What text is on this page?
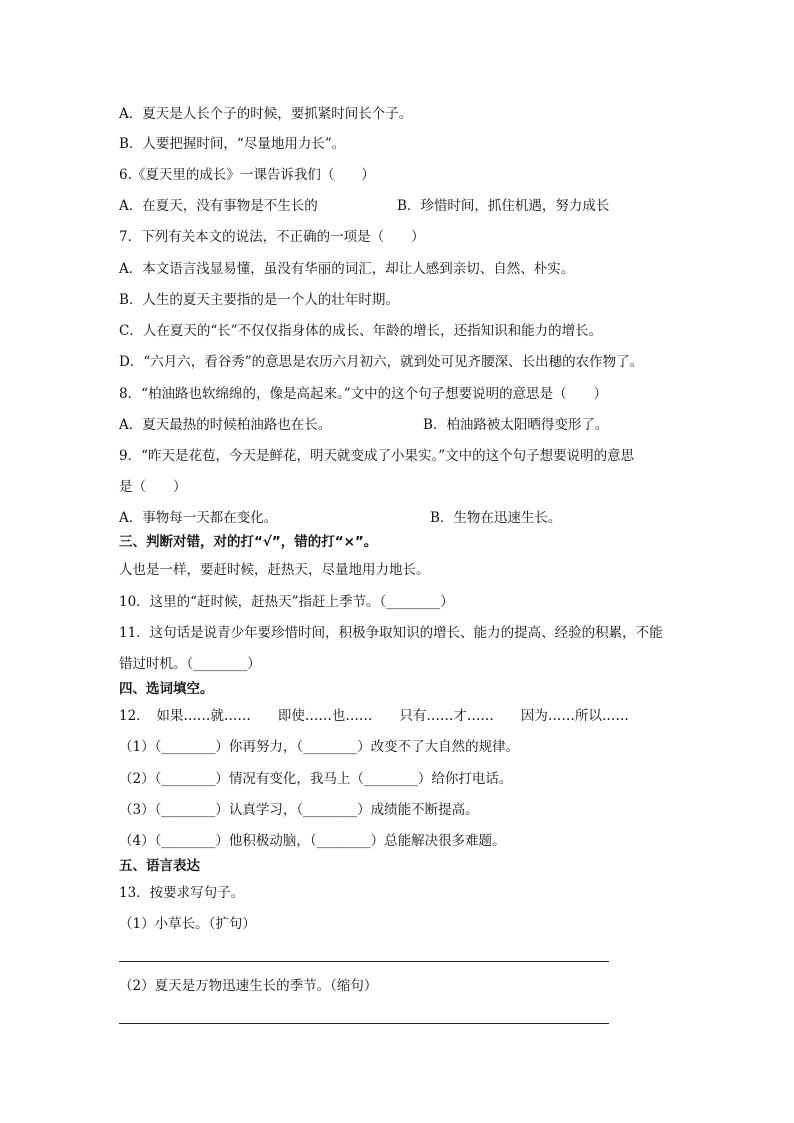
A．夏天是人长个子的时候，要抓紧时间长个子。
B．人要把握时间，“尽量地用力长”。
6.《夏天里的成长》一课告诉我们（　　）
A．在夏天，没有事物是不生长的	B．珍惜时间，抓住机遇，努力成长
7．下列有关本文的说法，不正确的一项是（　　）
A．本文语言浅显易懂，虽没有华丽的词汇，却让人感到亲切、自然、朴实。
B．人生的夏天主要指的是一个人的壮年时期。
C．人在夏天的“长”不仅仅指身体的成长、年龄的增长，还指知识和能力的增长。
D．“六月六，看谷秀”的意思是农历六月初六，就到处可见齐腰深、长出穗的农作物了。
8．“柏油路也软绵绵的，像是高起来。”文中的这个句子想要说明的意思是（　　）
A．夏天最热的时候柏油路也在长。	B．柏油路被太阳晒得变形了。
9．“昨天是花苞，今天是鲜花，明天就变成了小果实。”文中的这个句子想要说明的意思
是（　　）
A．事物每一天都在变化。	B．生物在迅速生长。
三、判断对错，对的打“√”，错的打“×”。
人也是一样，要赶时候，赶热天，尽量地用力地长。
10．这里的“赶时候，赶热天”指赶上季节。（________）
11．这句话是说青少年要珍惜时间，积极争取知识的增长、能力的提高、经验的积累，不能
错过时机。（________）
四、选词填空。
12．　如果……就……　　即使……也……　　只有……才……　　因为……所以……
（1）（________）你再努力，（________）改变不了大自然的规律。
（2）（________）情况有变化，我马上（________）给你打电话。
（3）（________）认真学习，（________）成绩能不断提高。
（4）（________）他积极动脑，（________）总能解决很多难题。
五、语言表达
13．按要求写句子。
（1）小草长。（扩句）
（2）夏天是万物迅速生长的季节。（缩句）
